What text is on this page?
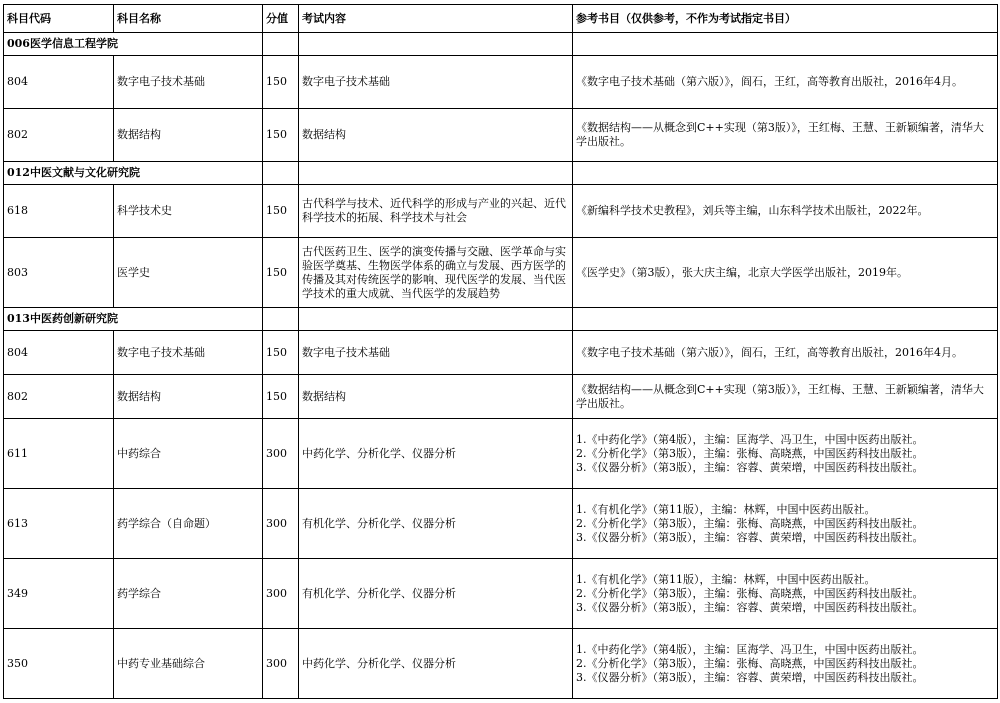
科目代码	科目名称	分值	考试内容	参考书目（仅供参考，不作为考试指定书目）
006医学信息工程学院				
804	数字电子技术基础	150	数字电子技术基础	《数字电子技术基础（第六版）》，阎石，王红，高等教育出版社，2016年4月。
802	数据结构	150	数据结构	《数据结构——从概念到C++实现（第3版）》，王红梅、王慧、王新颖编著，清华大学出版社。
012中医文献与文化研究院				
618	科学技术史	150	古代科学与技术、近代科学的形成与产业的兴起、近代科学技术的拓展、科学技术与社会	《新编科学技术史教程》，刘兵等主编，山东科学技术出版社，2022年。
803	医学史	150	古代医药卫生、医学的演变传播与交融、医学革命与实验医学奠基、生物医学体系的确立与发展、西方医学的传播及其对传统医学的影响、现代医学的发展、当代医学技术的重大成就、当代医学的发展趋势	《医学史》（第3版），张大庆主编，北京大学医学出版社，2019年。
013中医药创新研究院				
804	数字电子技术基础	150	数字电子技术基础	《数字电子技术基础（第六版）》，阎石，王红，高等教育出版社，2016年4月。
802	数据结构	150	数据结构	《数据结构——从概念到C++实现（第3版）》，王红梅、王慧、王新颖编著，清华大学出版社。
611	中药综合	300	中药化学、分析化学、仪器分析	1.《中药化学》（第4版），主编：匡海学、冯卫生，中国中医药出版社。
2.《分析化学》（第3版），主编：张梅、高晓燕，中国医药科技出版社。
3.《仪器分析》（第3版），主编：容蓉、黄荣增，中国医药科技出版社。
613	药学综合（自命题）	300	有机化学、分析化学、仪器分析	1.《有机化学》（第11版），主编：林辉，中国中医药出版社。
2.《分析化学》（第3版），主编：张梅、高晓燕，中国医药科技出版社。
3.《仪器分析》（第3版），主编：容蓉、黄荣增，中国医药科技出版社。
349	药学综合	300	有机化学、分析化学、仪器分析	1.《有机化学》（第11版），主编：林辉，中国中医药出版社。
2.《分析化学》（第3版），主编：张梅、高晓燕，中国医药科技出版社。
3.《仪器分析》（第3版），主编：容蓉、黄荣增，中国医药科技出版社。
350	中药专业基础综合	300	中药化学、分析化学、仪器分析	1.《中药化学》（第4版），主编：匡海学、冯卫生，中国中医药出版社。
2.《分析化学》（第3版），主编：张梅、高晓燕，中国医药科技出版社。
3.《仪器分析》（第3版），主编：容蓉、黄荣增，中国医药科技出版社。
